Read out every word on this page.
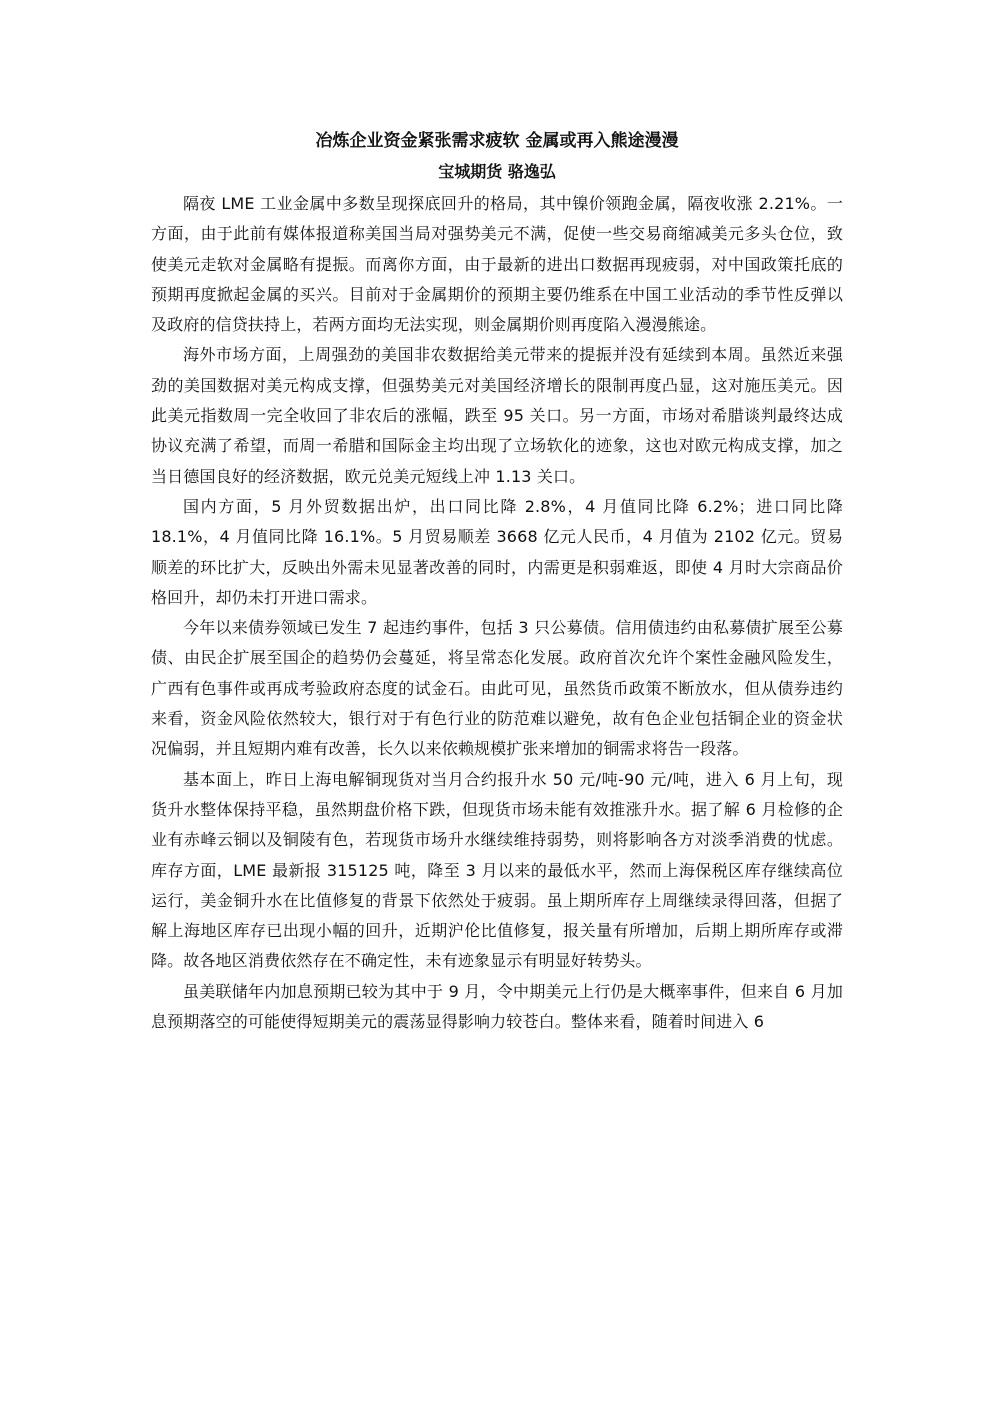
冶炼企业资金紧张需求疲软 金属或再入熊途漫漫
宝城期货 骆逸弘

隔夜 LME 工业金属中多数呈现探底回升的格局，其中镍价领跑金属，隔夜收涨 2.21%。一方面，由于此前有媒体报道称美国当局对强势美元不满，促使一些交易商缩减美元多头仓位，致使美元走软对金属略有提振。而离你方面，由于最新的进出口数据再现疲弱，对中国政策托底的预期再度掀起金属的买兴。目前对于金属期价的预期主要仍维系在中国工业活动的季节性反弹以及政府的信贷扶持上，若两方面均无法实现，则金属期价则再度陷入漫漫熊途。

海外市场方面，上周强劲的美国非农数据给美元带来的提振并没有延续到本周。虽然近来强劲的美国数据对美元构成支撑，但强势美元对美国经济增长的限制再度凸显，这对施压美元。因此美元指数周一完全收回了非农后的涨幅，跌至 95 关口。另一方面，市场对希腊谈判最终达成协议充满了希望，而周一希腊和国际金主均出现了立场软化的迹象，这也对欧元构成支撑，加之当日德国良好的经济数据，欧元兑美元短线上冲 1.13 关口。

国内方面，5 月外贸数据出炉，出口同比降 2.8%，4 月值同比降 6.2%；进口同比降 18.1%，4 月值同比降 16.1%。5 月贸易顺差 3668 亿元人民币，4 月值为 2102 亿元。贸易顺差的环比扩大，反映出外需未见显著改善的同时，内需更是积弱难返，即使 4 月时大宗商品价格回升，却仍未打开进口需求。

今年以来债券领域已发生 7 起违约事件，包括 3 只公募债。信用债违约由私募债扩展至公募债、由民企扩展至国企的趋势仍会蔓延，将呈常态化发展。政府首次允许个案性金融风险发生，广西有色事件或再成考验政府态度的试金石。由此可见，虽然货币政策不断放水，但从债券违约来看，资金风险依然较大，银行对于有色行业的防范难以避免，故有色企业包括铜企业的资金状况偏弱，并且短期内难有改善，长久以来依赖规模扩张来增加的铜需求将告一段落。

基本面上，昨日上海电解铜现货对当月合约报升水 50 元/吨-90 元/吨，进入 6 月上旬，现货升水整体保持平稳，虽然期盘价格下跌，但现货市场未能有效推涨升水。据了解 6 月检修的企业有赤峰云铜以及铜陵有色，若现货市场升水继续维持弱势，则将影响各方对淡季消费的忧虑。库存方面，LME 最新报 315125 吨，降至 3 月以来的最低水平，然而上海保税区库存继续高位运行，美金铜升水在比值修复的背景下依然处于疲弱。虽上期所库存上周继续录得回落，但据了解上海地区库存已出现小幅的回升，近期沪伦比值修复，报关量有所增加，后期上期所库存或滞降。故各地区消费依然存在不确定性，未有迹象显示有明显好转势头。

虽美联储年内加息预期已较为其中于 9 月，令中期美元上行仍是大概率事件，但来自 6 月加息预期落空的可能使得短期美元的震荡显得影响力较苍白。整体来看，随着时间进入 6
